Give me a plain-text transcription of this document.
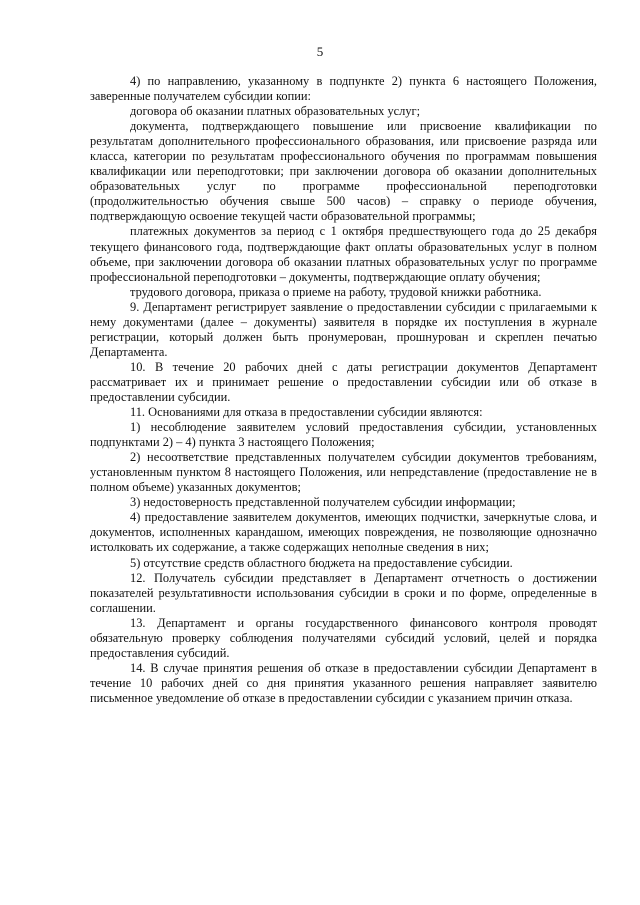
5

4) по направлению, указанному в подпункте 2) пункта 6 настоящего Положения, заверенные получателем субсидии копии:

договора об оказании платных образовательных услуг;

документа, подтверждающего повышение или присвоение квалификации по результатам дополнительного профессионального образования, или присвоение разряда или класса, категории по результатам профессионального обучения по программам повышения квалификации или переподготовки; при заключении договора об оказании дополнительных образовательных услуг по программе профессиональной переподготовки (продолжительностью обучения свыше 500 часов) – справку о периоде обучения, подтверждающую освоение текущей части образовательной программы;

платежных документов за период с 1 октября предшествующего года до 25 декабря текущего финансового года, подтверждающие факт оплаты образовательных услуг в полном объеме, при заключении договора об оказании платных образовательных услуг по программе профессиональной переподготовки – документы, подтверждающие оплату обучения;

трудового договора, приказа о приеме на работу, трудовой книжки работника.

9. Департамент регистрирует заявление о предоставлении субсидии с прилагаемыми к нему документами (далее – документы) заявителя в порядке их поступления в журнале регистрации, который должен быть пронумерован, прошнурован и скреплен печатью Департамента.

10. В течение 20 рабочих дней с даты регистрации документов Департамент рассматривает их и принимает решение о предоставлении субсидии или об отказе в предоставлении субсидии.

11. Основаниями для отказа в предоставлении субсидии являются:

1) несоблюдение заявителем условий предоставления субсидии, установленных подпунктами 2) – 4) пункта 3 настоящего Положения;

2) несоответствие представленных получателем субсидии документов требованиям, установленным пунктом 8 настоящего Положения, или непредставление (предоставление не в полном объеме) указанных документов;

3) недостоверность представленной получателем субсидии информации;

4) предоставление заявителем документов, имеющих подчистки, зачеркнутые слова, и документов, исполненных карандашом, имеющих повреждения, не позволяющие однозначно истолковать их содержание, а также содержащих неполные сведения в них;

5) отсутствие средств областного бюджета на предоставление субсидии.

12. Получатель субсидии представляет в Департамент отчетность о достижении показателей результативности использования субсидии в сроки и по форме, определенные в соглашении.

13. Департамент и органы государственного финансового контроля проводят обязательную проверку соблюдения получателями субсидий условий, целей и порядка предоставления субсидий.

14. В случае принятия решения об отказе в предоставлении субсидии Департамент в течение 10 рабочих дней со дня принятия указанного решения направляет заявителю письменное уведомление об отказе в предоставлении субсидии с указанием причин отказа.
